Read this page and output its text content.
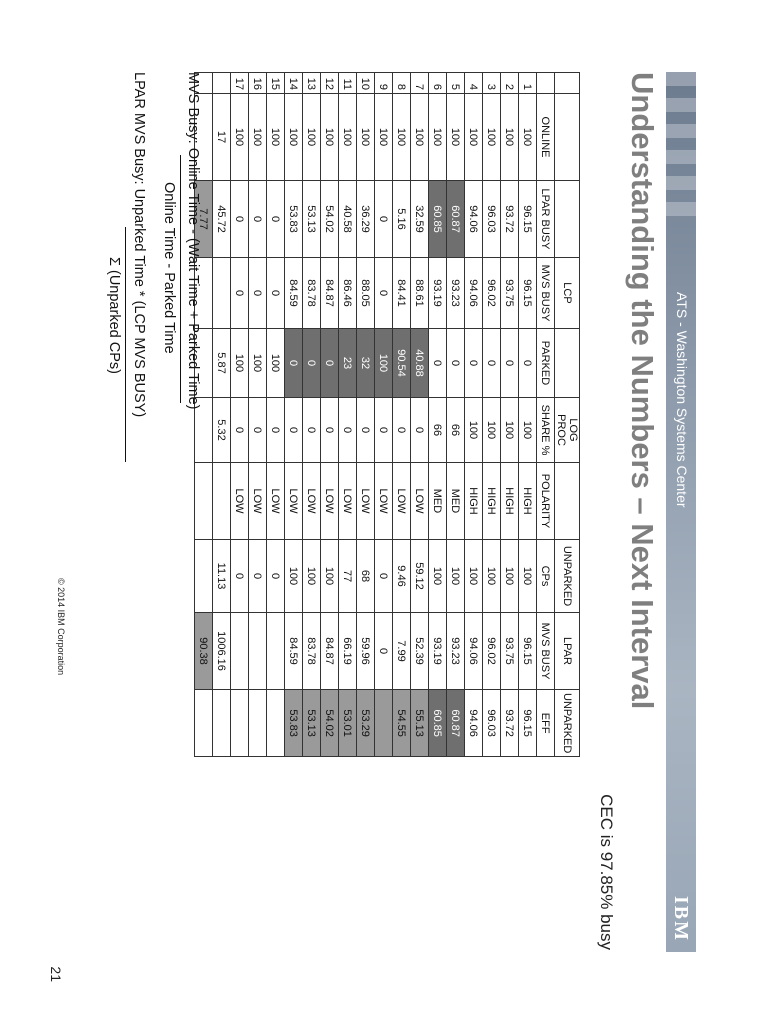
ATS - Washington Systems Center
IBM
Understanding the Numbers – Next Interval
CEC is 97.85% busy
			LCP		LOG PROC		UNPARKED	LPAR	UNPARKED
	ONLINE	LPAR BUSY	MVS BUSY	PARKED	SHARE %	POLARITY	CPs	MVS BUSY	EFF
1	100	96.15	96.15	0	100	HIGH	100	96.15	96.15
2	100	93.72	93.75	0	100	HIGH	100	93.75	93.72
3	100	96.03	96.02	0	100	HIGH	100	96.02	96.03
4	100	94.06	94.06	0	100	HIGH	100	94.06	94.06
5	100	60.87	93.23	0	66	MED	100	93.23	60.87
6	100	60.85	93.19	0	66	MED	100	93.19	60.85
7	100	32.59	88.61	40.88	0	LOW	59.12	52.39	55.13
8	100	5.16	84.41	90.54	0	LOW	9.46	7.99	54.55
9	100	0	0	100	0	LOW	0	0	
10	100	36.29	88.05	32	0	LOW	68	59.96	53.29
11	100	40.58	86.46	23	0	LOW	77	66.19	53.01
12	100	54.02	84.87	0	0	LOW	100	84.87	54.02
13	100	53.13	83.78	0	0	LOW	100	83.78	53.13
14	100	53.83	84.59	0	0	LOW	100	84.59	53.83
15	100	0	0	100	0	LOW	0		
16	100	0	0	100	0	LOW	0		
17	100	0	0	100	0	LOW	0		
	17	45.72		5.87	5.32		11.13	1006.16	
		7.77						90.38	
MVS Busy: Online Time - (Wait Time + Parked Time)
Online Time - Parked Time
LPAR MVS Busy: Unparked Time * (LCP MVS BUSY)
Σ (Unparked CPs)
© 2014 IBM Corporation
21
